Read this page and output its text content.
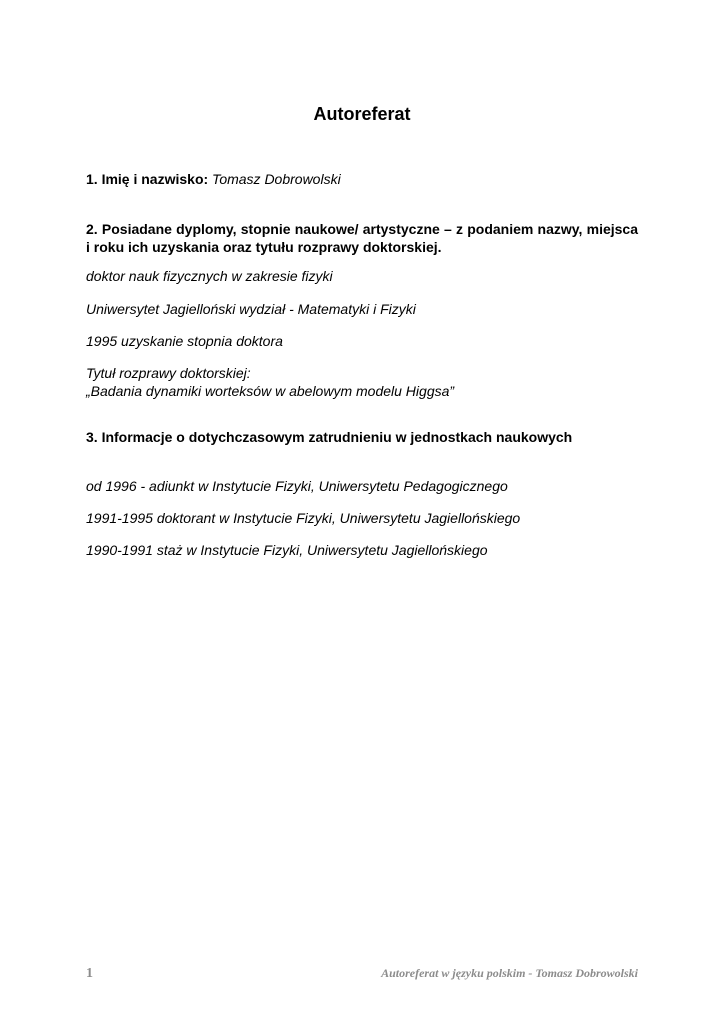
Autoreferat
1. Imię i nazwisko: Tomasz Dobrowolski
2. Posiadane dyplomy, stopnie naukowe/ artystyczne – z podaniem nazwy, miejsca i roku ich uzyskania oraz tytułu rozprawy doktorskiej.
doktor nauk fizycznych w zakresie fizyki
Uniwersytet Jagielloński wydział - Matematyki i Fizyki
1995 uzyskanie stopnia doktora
Tytuł rozprawy doktorskiej:
„Badania dynamiki worteksów w abelowym modelu Higgsa”
3. Informacje o dotychczasowym zatrudnieniu w jednostkach naukowych
od 1996 - adiunkt w Instytucie Fizyki, Uniwersytetu Pedagogicznego
1991-1995 doktorant w Instytucie Fizyki, Uniwersytetu Jagiellońskiego
1990-1991 staż w Instytucie Fizyki, Uniwersytetu Jagiellońskiego
1	Autoreferat w języku polskim - Tomasz Dobrowolski
